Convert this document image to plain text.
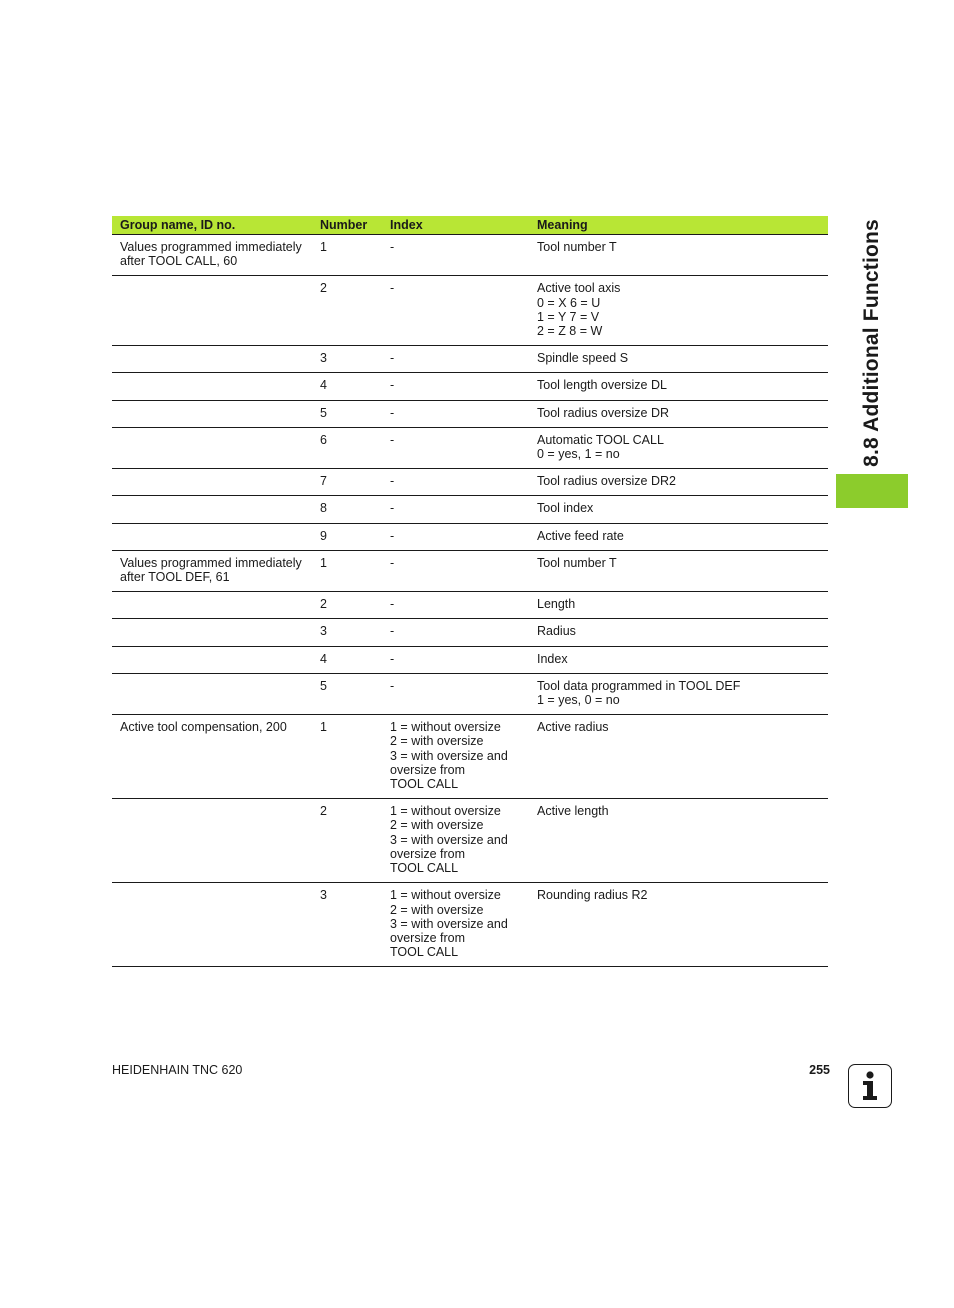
Group name, ID no.	Number	Index	Meaning
Values programmed immediately after TOOL CALL, 60	1	-	Tool number T
	2	-	Active tool axis
0 = X 6 = U
1 = Y 7 = V
2 = Z 8 = W
	3	-	Spindle speed S
	4	-	Tool length oversize DL
	5	-	Tool radius oversize DR
	6	-	Automatic TOOL CALL
0 = yes, 1 = no
	7	-	Tool radius oversize DR2
	8	-	Tool index
	9	-	Active feed rate
Values programmed immediately after TOOL DEF, 61	1	-	Tool number T
	2	-	Length
	3	-	Radius
	4	-	Index
	5	-	Tool data programmed in TOOL DEF
1 = yes, 0 = no
Active tool compensation, 200	1	1 = without oversize
2 = with oversize
3 = with oversize and oversize from
TOOL CALL	Active radius
	2	1 = without oversize
2 = with oversize
3 = with oversize and oversize from
TOOL CALL	Active length
	3	1 = without oversize
2 = with oversize
3 = with oversize and oversize from
TOOL CALL	Rounding radius R2
8.8 Additional Functions
HEIDENHAIN TNC 620	255
